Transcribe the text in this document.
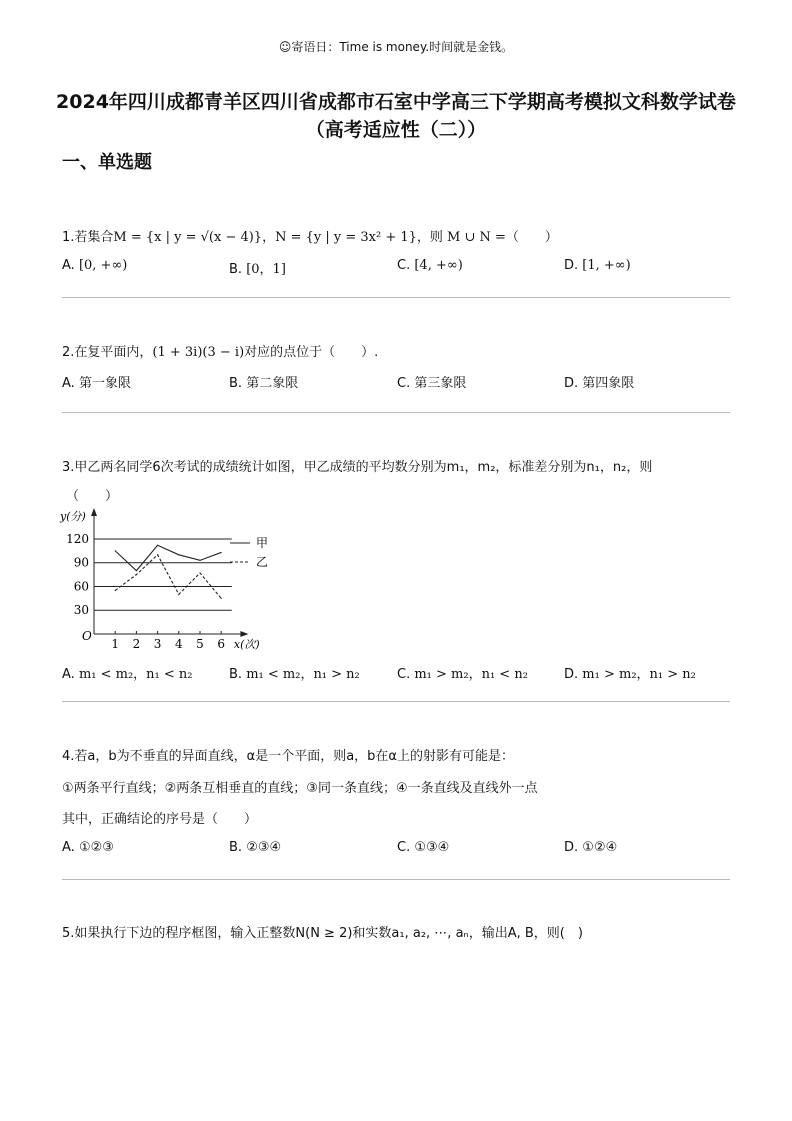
☺寄语日：Time is money.时间就是金钱。
2024年四川成都青羊区四川省成都市石室中学高三下学期高考模拟文科数学试卷（高考适应性（二））
一、单选题
1.若集合M = {x | y = √(x − 4)}，N = {y | y = 3x² + 1}，则 M ∪ N =（　　）
A. [0, +∞)	B. [0，1]	C. [4, +∞)	D. [1, +∞)
2.在复平面内，(1 + 3i)(3 − i)对应的点位于（　　）.
A. 第一象限	B. 第二象限	C. 第三象限	D. 第四象限
3.甲乙两名同学6次考试的成绩统计如图，甲乙成绩的平均数分别为m₁，m₂，标准差分别为n₁，n₂，则
（　　）
30
60
90
120
1 2 3 4 5 6
O
y(分)
x(次)
甲
乙
A. m₁ < m₂，n₁ < n₂	B. m₁ < m₂，n₁ > n₂	C. m₁ > m₂，n₁ < n₂	D. m₁ > m₂，n₁ > n₂
4.若a，b为不垂直的异面直线，α是一个平面，则a，b在α上的射影有可能是：
①两条平行直线；②两条互相垂直的直线；③同一条直线；④一条直线及直线外一点
其中，正确结论的序号是（　　）
A. ①②③	B. ②③④	C. ①③④	D. ①②④
5.如果执行下边的程序框图，输入正整数N(N ≥ 2)和实数a₁, a₂, ⋯, aₙ，输出A, B，则(　)
